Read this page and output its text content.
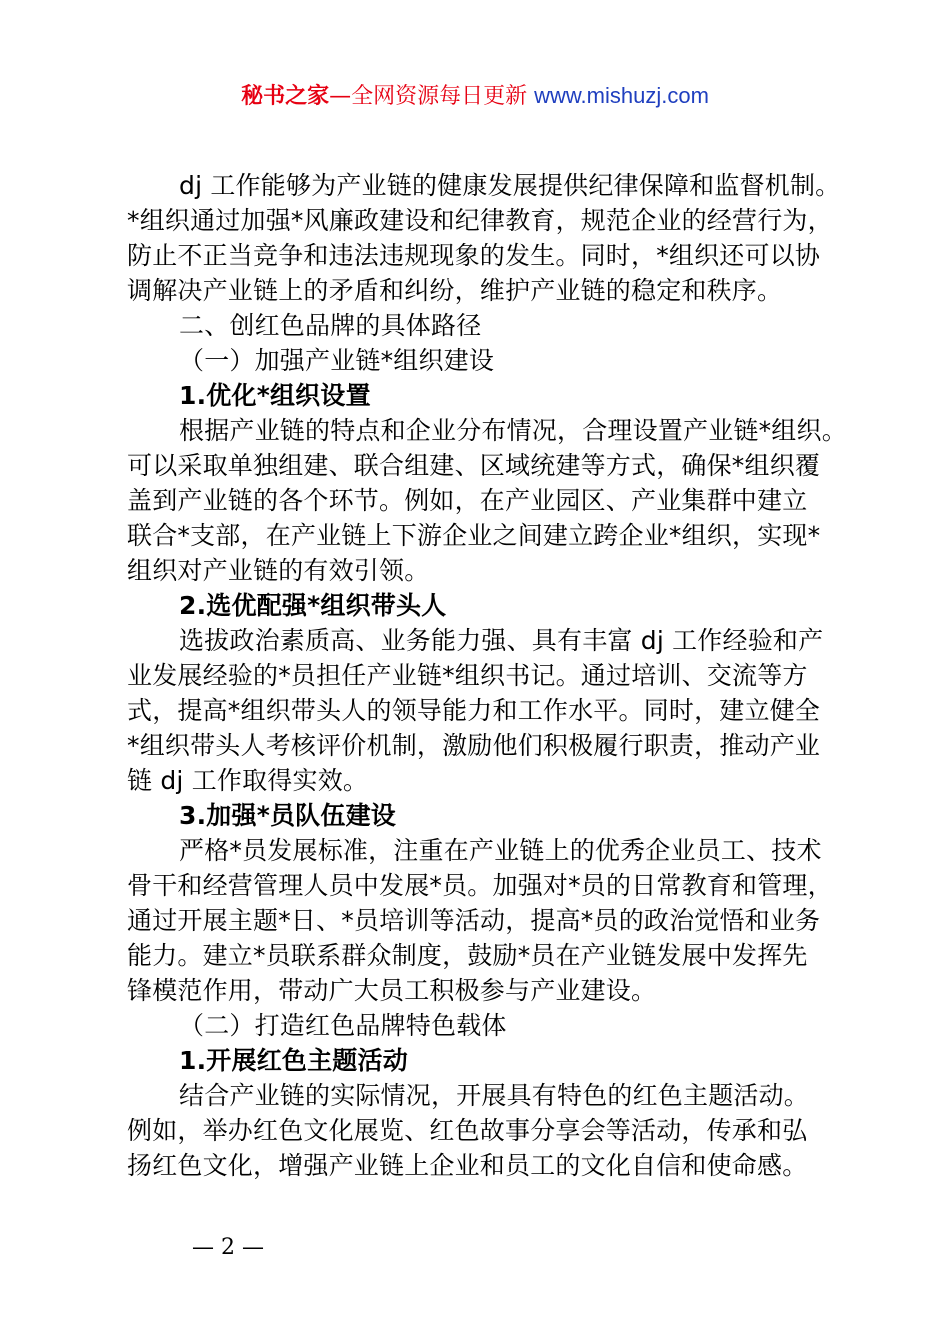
秘书之家—全网资源每日更新 www.mishuzj.com
dj 工作能够为产业链的健康发展提供纪律保障和监督机制。
*组织通过加强*风廉政建设和纪律教育，规范企业的经营行为，
防止不正当竞争和违法违规现象的发生。同时，*组织还可以协
调解决产业链上的矛盾和纠纷，维护产业链的稳定和秩序。
二、创红色品牌的具体路径
（一）加强产业链*组织建设
1.优化*组织设置
根据产业链的特点和企业分布情况，合理设置产业链*组织。
可以采取单独组建、联合组建、区域统建等方式，确保*组织覆
盖到产业链的各个环节。例如，在产业园区、产业集群中建立
联合*支部，在产业链上下游企业之间建立跨企业*组织，实现*
组织对产业链的有效引领。
2.选优配强*组织带头人
选拔政治素质高、业务能力强、具有丰富 dj 工作经验和产
业发展经验的*员担任产业链*组织书记。通过培训、交流等方
式，提高*组织带头人的领导能力和工作水平。同时，建立健全
*组织带头人考核评价机制，激励他们积极履行职责，推动产业
链 dj 工作取得实效。
3.加强*员队伍建设
严格*员发展标准，注重在产业链上的优秀企业员工、技术
骨干和经营管理人员中发展*员。加强对*员的日常教育和管理，
通过开展主题*日、*员培训等活动，提高*员的政治觉悟和业务
能力。建立*员联系群众制度，鼓励*员在产业链发展中发挥先
锋模范作用，带动广大员工积极参与产业建设。
（二）打造红色品牌特色载体
1.开展红色主题活动
结合产业链的实际情况，开展具有特色的红色主题活动。
例如，举办红色文化展览、红色故事分享会等活动，传承和弘
扬红色文化，增强产业链上企业和员工的文化自信和使命感。
— 2 —
